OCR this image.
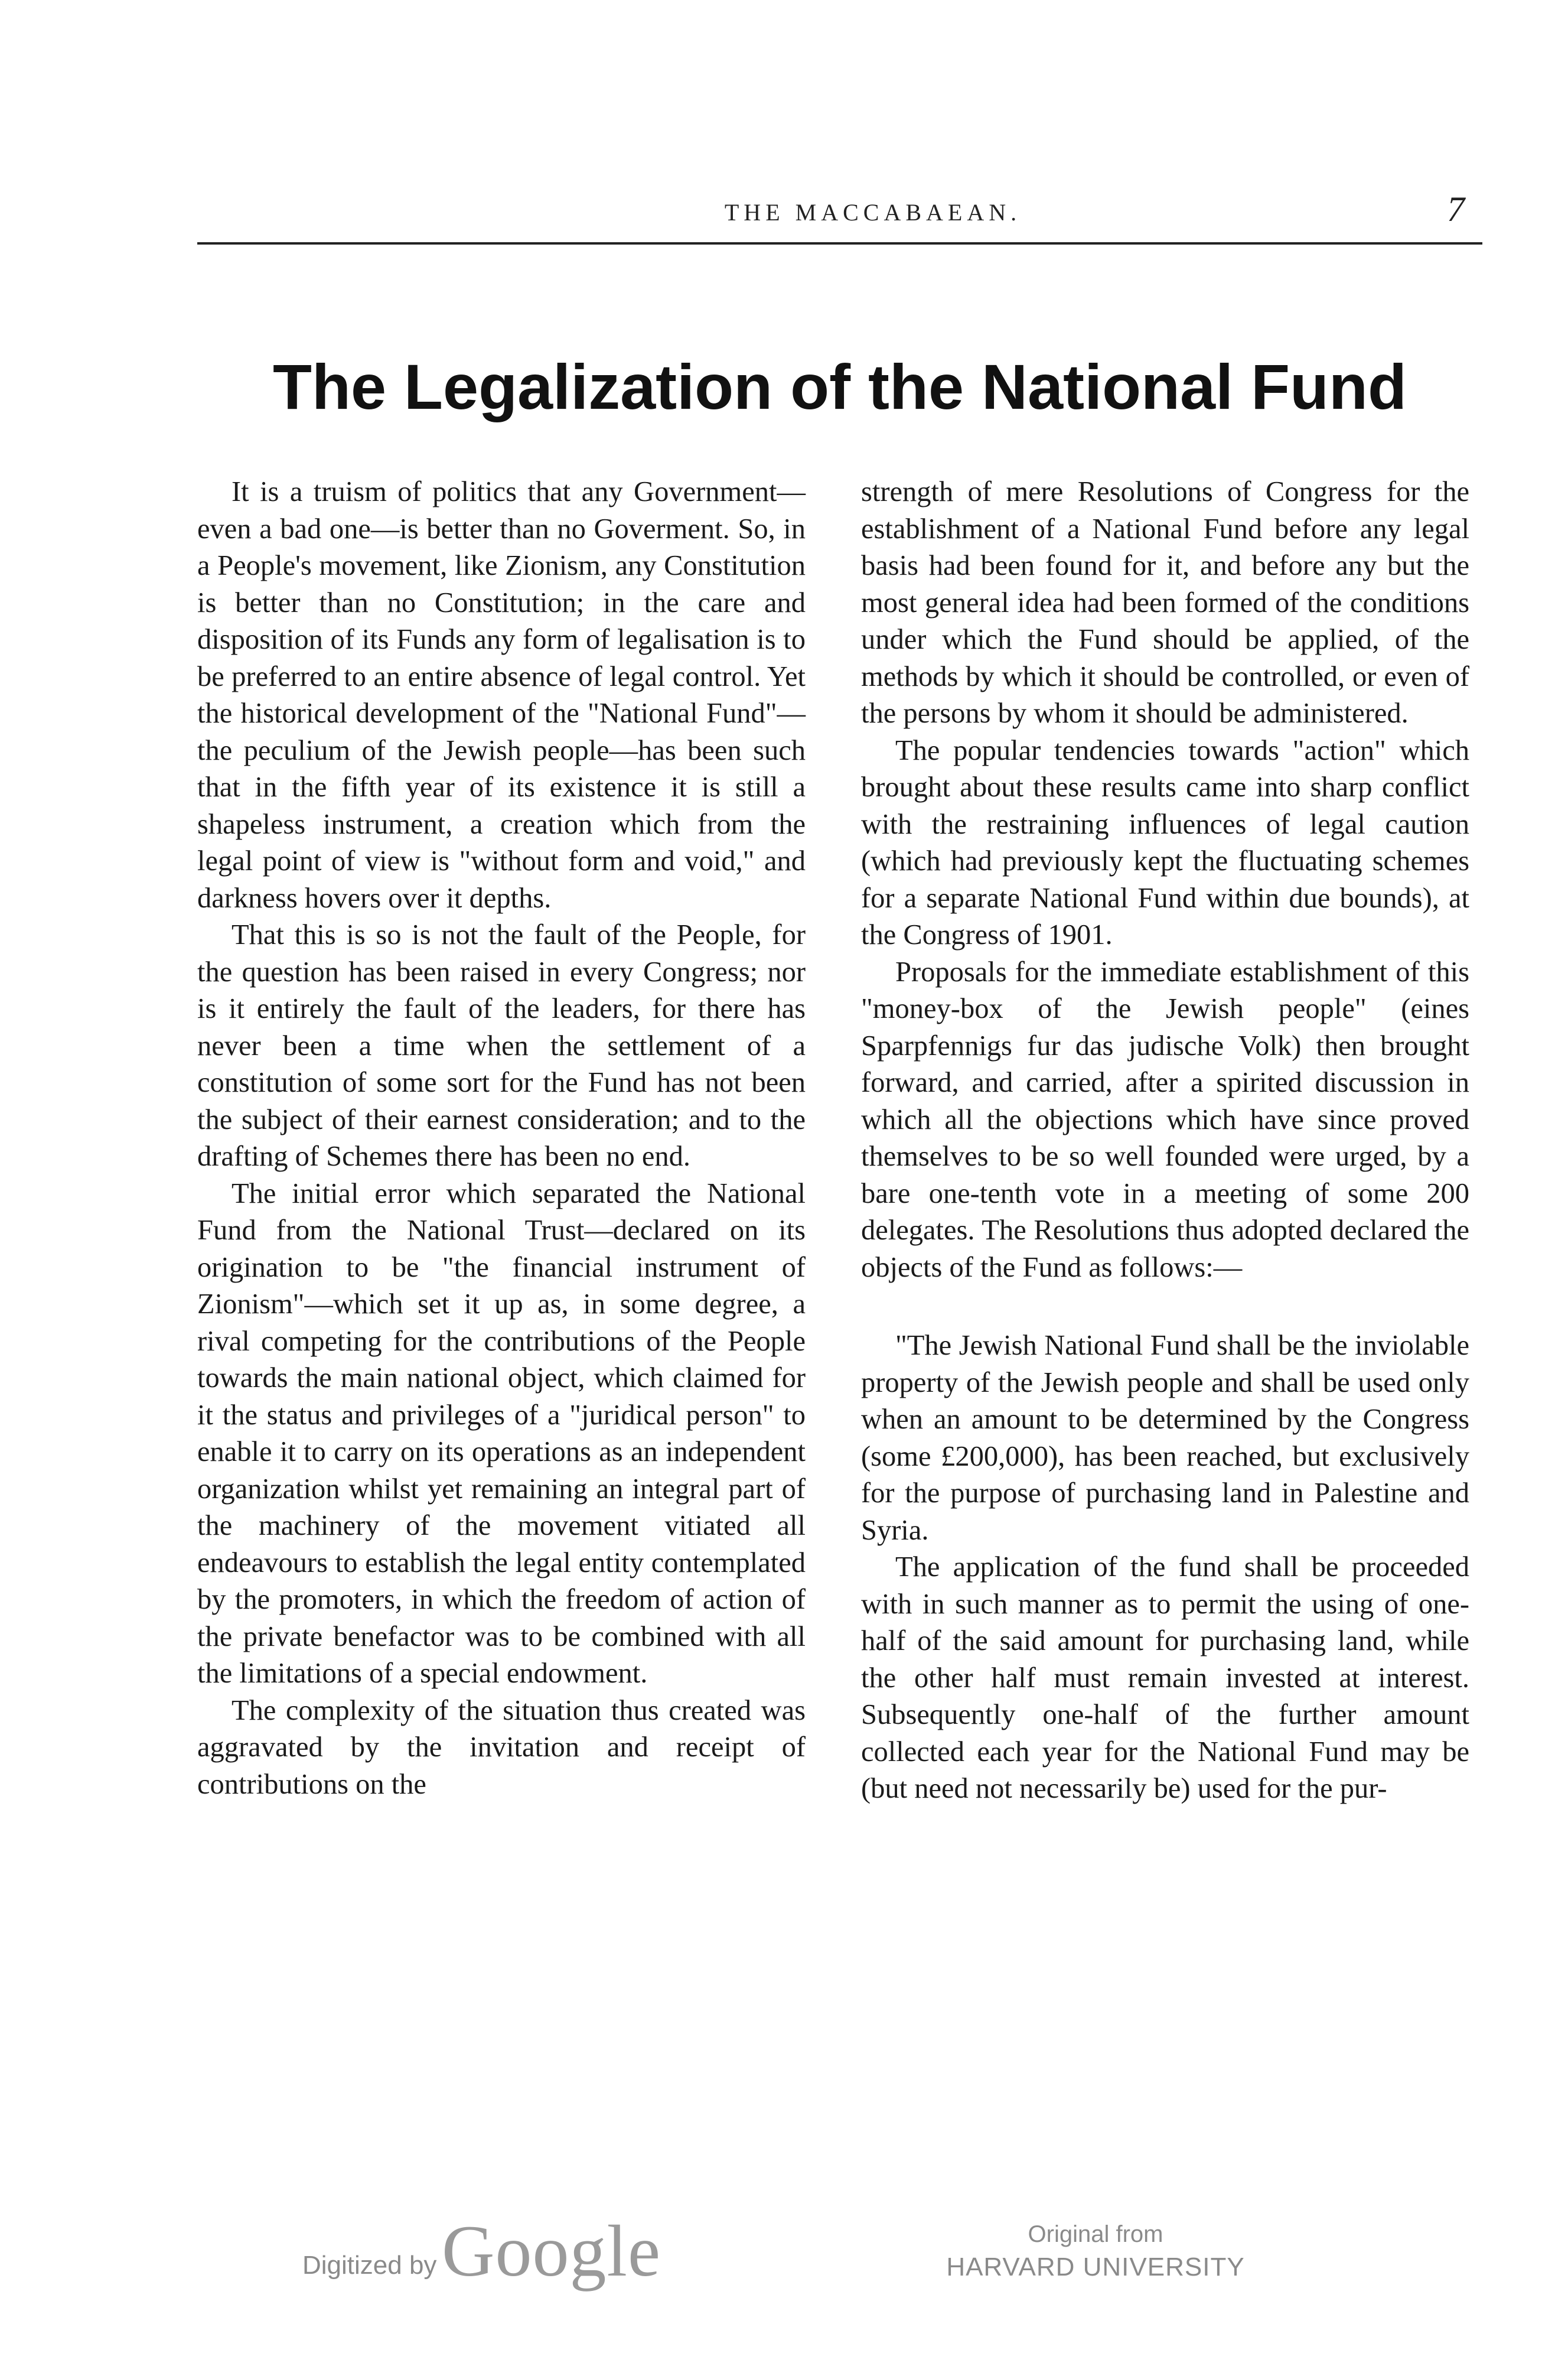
THE MACCABAEAN.	7
The Legalization of the National Fund

It is a truism of politics that any Government—even a bad one—is better than no Goverment. So, in a People's movement, like Zionism, any Constitution is better than no Constitution; in the care and disposition of its Funds any form of legalisation is to be preferred to an entire absence of legal control. Yet the historical development of the "National Fund"—the peculium of the Jewish people—has been such that in the fifth year of its existence it is still a shapeless instrument, a creation which from the legal point of view is "without form and void," and darkness hovers over it depths.

That this is so is not the fault of the People, for the question has been raised in every Congress; nor is it entirely the fault of the leaders, for there has never been a time when the settlement of a constitution of some sort for the Fund has not been the subject of their earnest consideration; and to the drafting of Schemes there has been no end.

The initial error which separated the National Fund from the National Trust—declared on its origination to be "the financial instrument of Zionism"—which set it up as, in some degree, a rival competing for the contributions of the People towards the main national object, which claimed for it the status and privileges of a "juridical person" to enable it to carry on its operations as an independent organization whilst yet remaining an integral part of the machinery of the movement vitiated all endeavours to establish the legal entity contemplated by the promoters, in which the freedom of action of the private benefactor was to be combined with all the limitations of a special endowment.

The complexity of the situation thus created was aggravated by the invitation and receipt of contributions on the

strength of mere Resolutions of Congress for the establishment of a National Fund before any legal basis had been found for it, and before any but the most general idea had been formed of the conditions under which the Fund should be applied, of the methods by which it should be controlled, or even of the persons by whom it should be administered.

The popular tendencies towards "action" which brought about these results came into sharp conflict with the restraining influences of legal caution (which had previously kept the fluctuating schemes for a separate National Fund within due bounds), at the Congress of 1901.

Proposals for the immediate establishment of this "money-box of the Jewish people" (eines Sparpfennigs fur das judische Volk) then brought forward, and carried, after a spirited discussion in which all the objections which have since proved themselves to be so well founded were urged, by a bare one-tenth vote in a meeting of some 200 delegates. The Resolutions thus adopted declared the objects of the Fund as follows:—

"The Jewish National Fund shall be the inviolable property of the Jewish people and shall be used only when an amount to be determined by the Congress (some £200,000), has been reached, but exclusively for the purpose of purchasing land in Palestine and Syria.

The application of the fund shall be proceeded with in such manner as to permit the using of one-half of the said amount for purchasing land, while the other half must remain invested at interest. Subsequently one-half of the further amount collected each year for the National Fund may be (but need not necessarily be) used for the pur-

Digitized by Google	Original from
HARVARD UNIVERSITY
